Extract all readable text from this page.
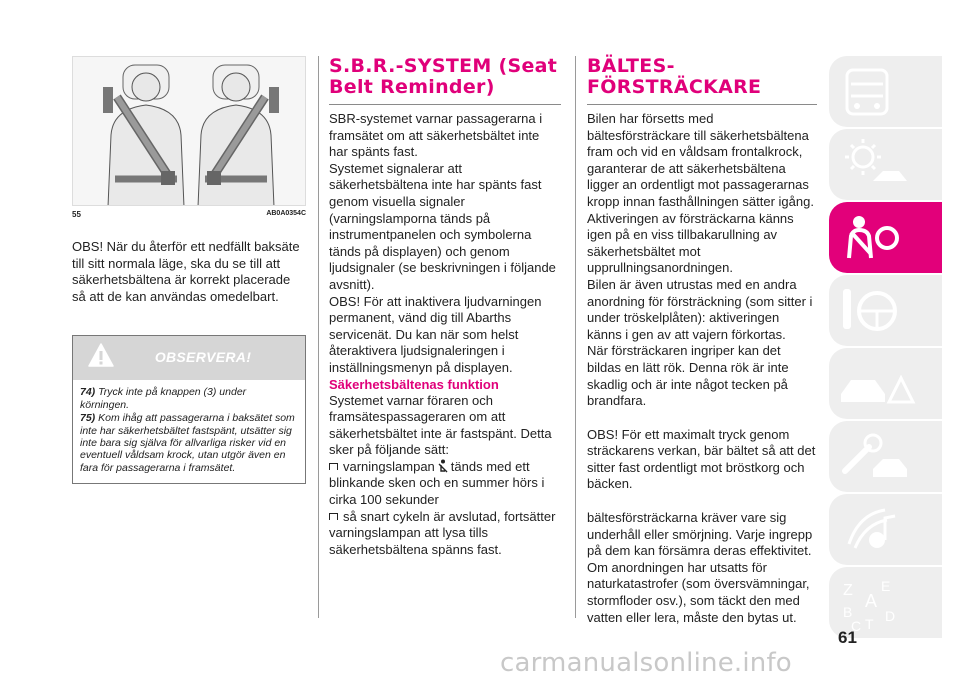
55	AB0A0354C

OBS! När du återför ett nedfällt baksäte till sitt normala läge, ska du se till att säkerhetsbältena är korrekt placerade så att de kan användas omedelbart.

OBSERVERA!

74) Tryck inte på knappen (3) under körningen.

75) Kom ihåg att passagerarna i baksätet som inte har säkerhetsbältet fastspänt, utsätter sig inte bara sig själva för allvarliga risker vid en eventuell våldsam krock, utan utgör även en fara för passagerarna i framsätet.

S.B.R.-SYSTEM (Seat Belt Reminder)

SBR-systemet varnar passagerarna i framsätet om att säkerhetsbältet inte har spänts fast.

Systemet signalerar att säkerhetsbältena inte har spänts fast genom visuella signaler (varningslamporna tänds på instrumentpanelen och symbolerna tänds på displayen) och genom ljudsignaler (se beskrivningen i följande avsnitt).

OBS! För att inaktivera ljudvarningen permanent, vänd dig till Abarths servicenät. Du kan när som helst återaktivera ljudsignaleringen i inställningsmenyn på displayen.

Säkerhetsbältenas funktion

Systemet varnar föraren och framsätespassageraren om att säkerhetsbältet inte är fastspänt. Detta sker på följande sätt:

varningslampan tänds med ett blinkande sken och en summer hörs i cirka 100 sekunder

så snart cykeln är avslutad, fortsätter varningslampan att lysa tills säkerhetsbältena spänns fast.

BÄLTES-FÖRSTRÄCKARE

Bilen har försetts med bältesförsträckare till säkerhetsbältena fram och vid en våldsam frontalkrock, garanterar de att säkerhetsbältena ligger an ordentligt mot passagerarnas kropp innan fasthållningen sätter igång.

Aktiveringen av försträckarna känns igen på en viss tillbakarullning av säkerhetsbältet mot upprullningsanordningen.

Bilen är även utrustas med en andra anordning för försträckning (som sitter i under tröskelplåten): aktiveringen känns i gen av att vajern förkortas.

När försträckaren ingriper kan det bildas en lätt rök. Denna rök är inte skadlig och är inte något tecken på brandfara.

OBS! För ett maximalt tryck genom sträckarens verkan, bär bältet så att det sitter fast ordentligt mot bröstkorg och bäcken.

bältesförsträckarna kräver vare sig underhåll eller smörjning. Varje ingrepp på dem kan försämra deras effektivitet. Om anordningen har utsatts för naturkatastrofer (som översvämningar, stormfloder osv.), som täckt den med vatten eller lera, måste den bytas ut.

Z E
A
B
C T D
61
carmanualsonline.info
